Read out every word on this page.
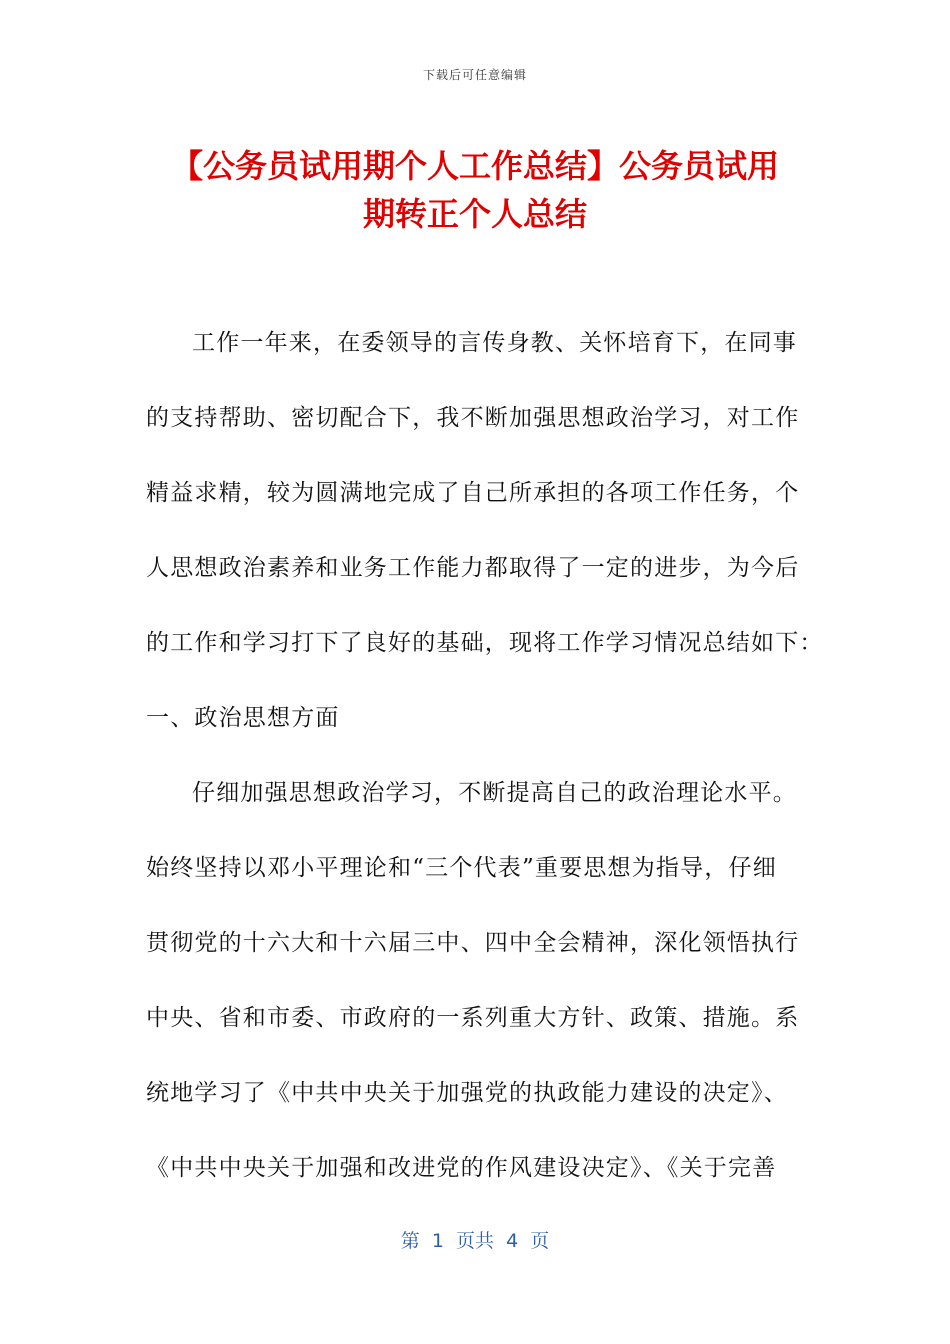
下载后可任意编辑
【公务员试用期个人工作总结】公务员试用
期转正个人总结
工作一年来，在委领导的言传身教、关怀培育下，在同事
的支持帮助、密切配合下，我不断加强思想政治学习，对工作
精益求精，较为圆满地完成了自己所承担的各项工作任务，个
人思想政治素养和业务工作能力都取得了一定的进步，为今后
的工作和学习打下了良好的基础，现将工作学习情况总结如下：
一、政治思想方面
仔细加强思想政治学习，不断提高自己的政治理论水平。
始终坚持以邓小平理论和“三个代表”重要思想为指导，仔细
贯彻党的十六大和十六届三中、四中全会精神，深化领悟执行
中央、省和市委、市政府的一系列重大方针、政策、措施。系
统地学习了《中共中央关于加强党的执政能力建设的决定》、
《中共中央关于加强和改进党的作风建设决定》、《关于完善
第  1  页共  4  页
